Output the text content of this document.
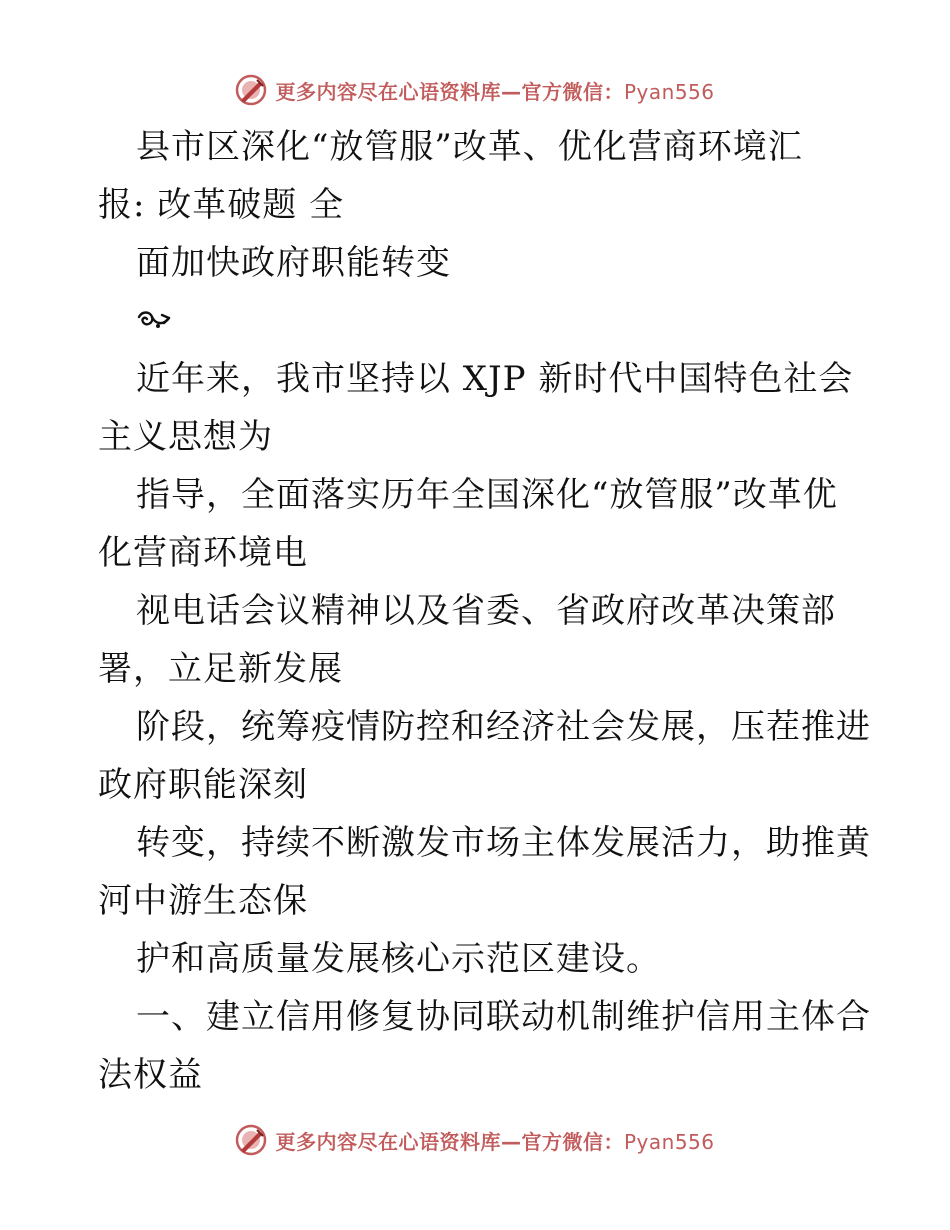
更多内容尽在心语资料库—官方微信：Pyan556
县市区深化“放管服”改革、优化营商环境汇
报: 改革破题 全
面加快政府职能转变
近年来，我市坚持以 XJP 新时代中国特色社会
主义思想为
指导，全面落实历年全国深化“放管服”改革优
化营商环境电
视电话会议精神以及省委、省政府改革决策部
署，立足新发展
阶段，统筹疫情防控和经济社会发展，压茬推进
政府职能深刻
转变，持续不断激发市场主体发展活力，助推黄
河中游生态保
护和高质量发展核心示范区建设。
一、建立信用修复协同联动机制维护信用主体合
法权益
更多内容尽在心语资料库—官方微信：Pyan556
